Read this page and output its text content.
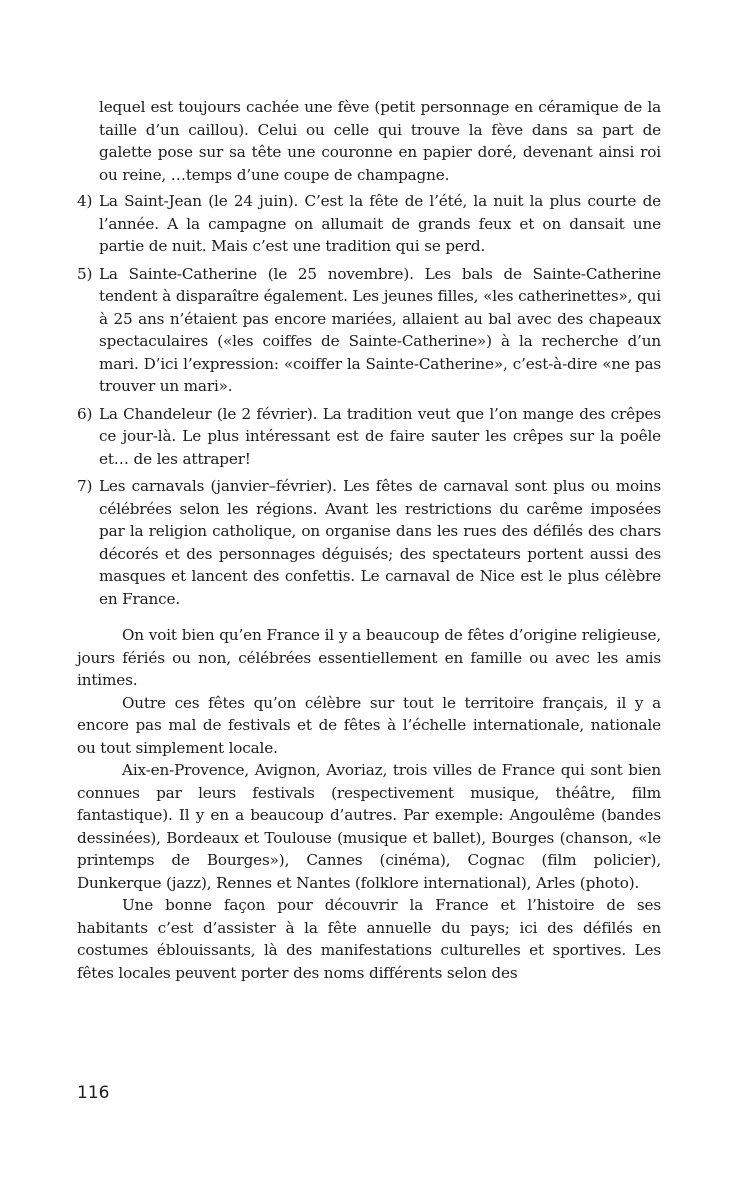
lequel est toujours cachée une fève (petit personnage en céramique de la taille d’un caillou). Celui ou celle qui trouve la fève dans sa part de galette pose sur sa tête une couronne en papier doré, devenant ainsi roi ou reine, …temps d’une coupe de champagne.

4) La Saint-Jean (le 24 juin). C’est la fête de l’été, la nuit la plus courte de l’année. A la campagne on allumait de grands feux et on dansait une partie de nuit. Mais c’est une tradition qui se perd.

5) La Sainte-Catherine (le 25 novembre). Les bals de Sainte-Catherine tendent à disparaître également. Les jeunes filles, «les catherinettes», qui à 25 ans n’étaient pas encore mariées, allaient au bal avec des chapeaux spectaculaires («les coiffes de Sainte-Catherine») à la recherche d’un mari. D’ici l’expression: «coiffer la Sainte-Catherine», c’est-à-dire «ne pas trouver un mari».

6) La Chandeleur (le 2 février). La tradition veut que l’on mange des crêpes ce jour-là. Le plus intéressant est de faire sauter les crêpes sur la poêle et… de les attraper!

7) Les carnavals (janvier–février). Les fêtes de carnaval sont plus ou moins célébrées selon les régions. Avant les restrictions du carême imposées par la religion catholique, on organise dans les rues des défilés des chars décorés et des personnages déguisés; des spectateurs portent aussi des masques et lancent des confettis. Le carnaval de Nice est le plus célèbre en France.

On voit bien qu’en France il y a beaucoup de fêtes d’origine religieuse, jours fériés ou non, célébrées essentiellement en famille ou avec les amis intimes.

Outre ces fêtes qu’on célèbre sur tout le territoire français, il y a encore pas mal de festivals et de fêtes à l’échelle internationale, nationale ou tout simplement locale.

Aix-en-Provence, Avignon, Avoriaz, trois villes de France qui sont bien connues par leurs festivals (respectivement musique, théâtre, film fantastique). Il y en a beaucoup d’autres. Par exemple: Angoulême (bandes dessinées), Bordeaux et Toulouse (musique et ballet), Bourges (chanson, «le printemps de Bourges»), Cannes (cinéma), Cognac (film policier), Dunkerque (jazz), Rennes et Nantes (folklore international), Arles (photo).

Une bonne façon pour découvrir la France et l’histoire de ses habitants c’est d’assister à la fête annuelle du pays; ici des défilés en costumes éblouissants, là des manifestations culturelles et sportives. Les fêtes locales peuvent porter des noms différents selon des

116
